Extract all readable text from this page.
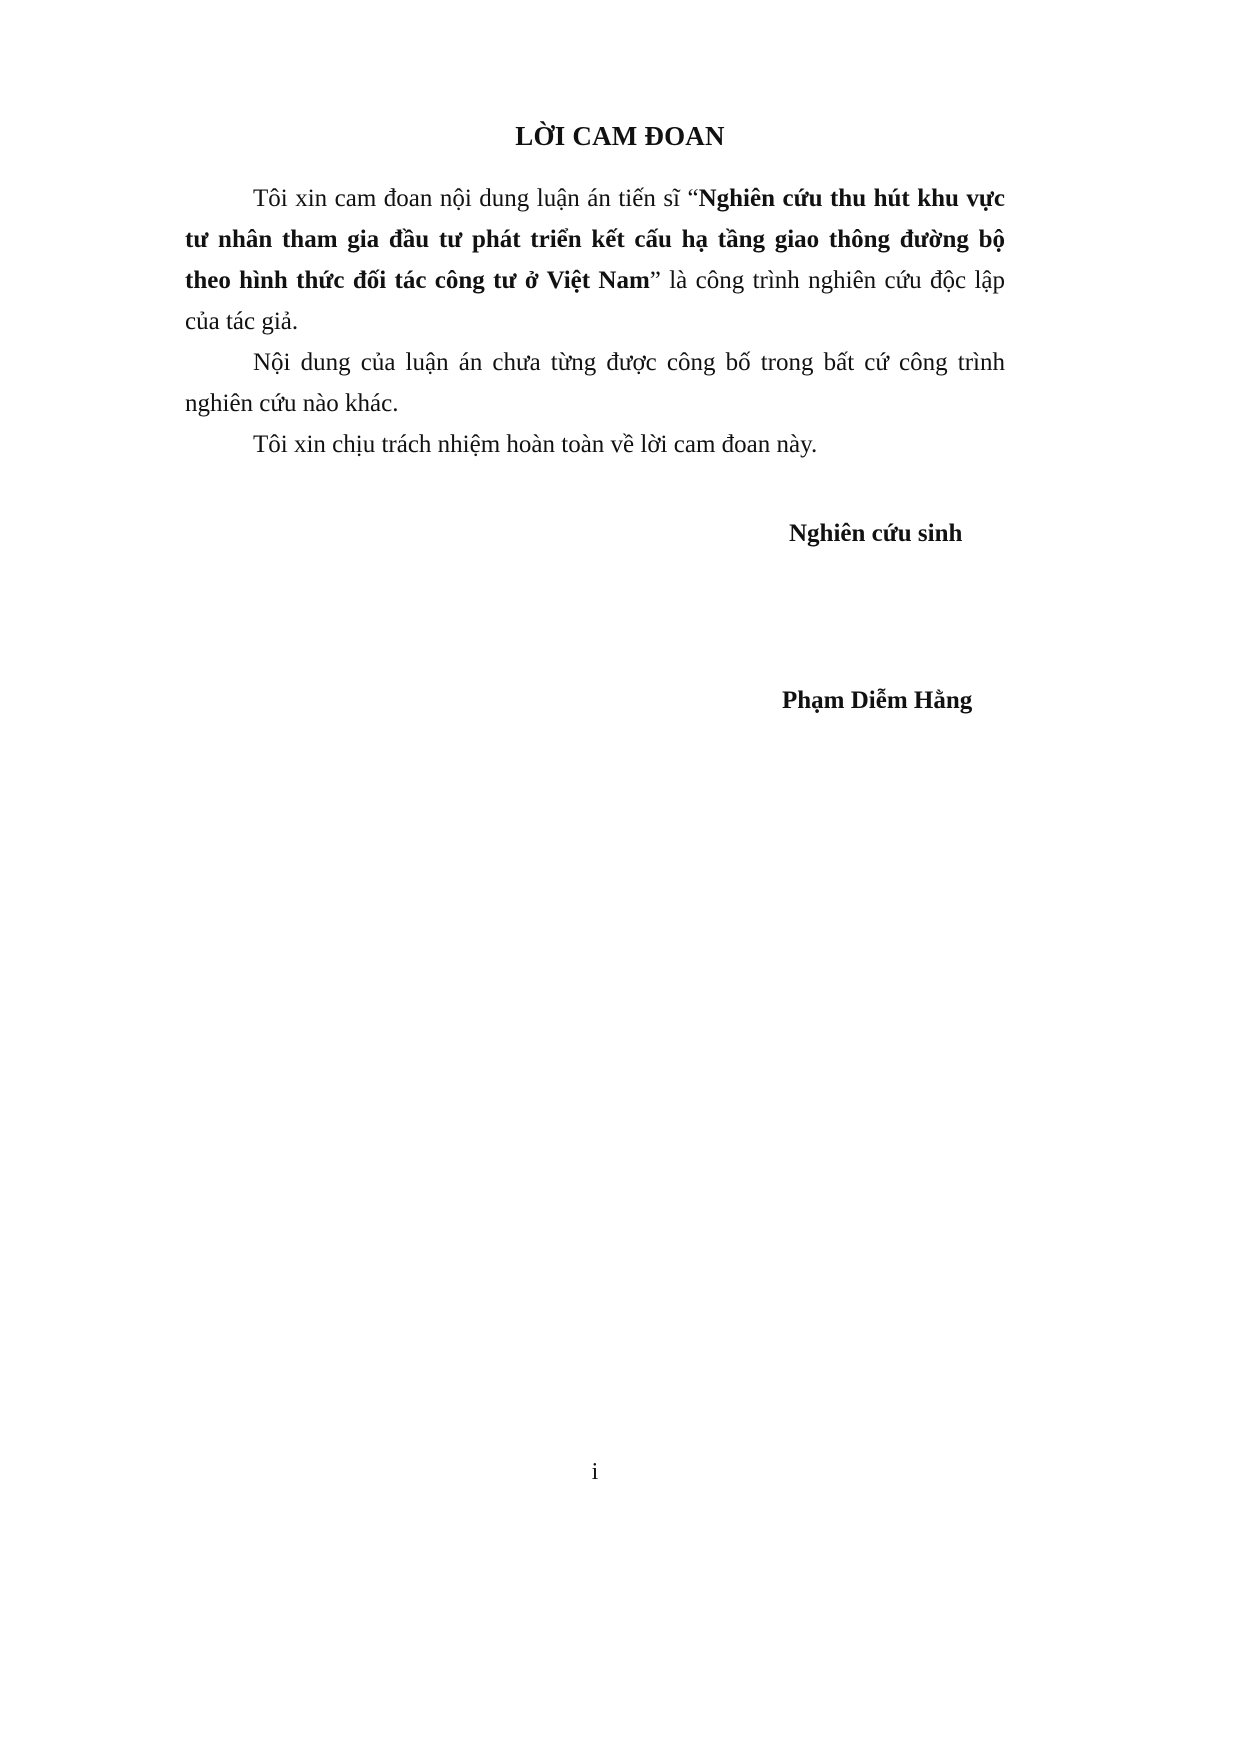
LỜI CAM ĐOAN

Tôi xin cam đoan nội dung luận án tiến sĩ “Nghiên cứu thu hút khu vực tư nhân tham gia đầu tư phát triển kết cấu hạ tầng giao thông đường bộ theo hình thức đối tác công tư ở Việt Nam” là công trình nghiên cứu độc lập của tác giả.

Nội dung của luận án chưa từng được công bố trong bất cứ công trình nghiên cứu nào khác.

Tôi xin chịu trách nhiệm hoàn toàn về lời cam đoan này.

Nghiên cứu sinh
Phạm Diễm Hằng
i
